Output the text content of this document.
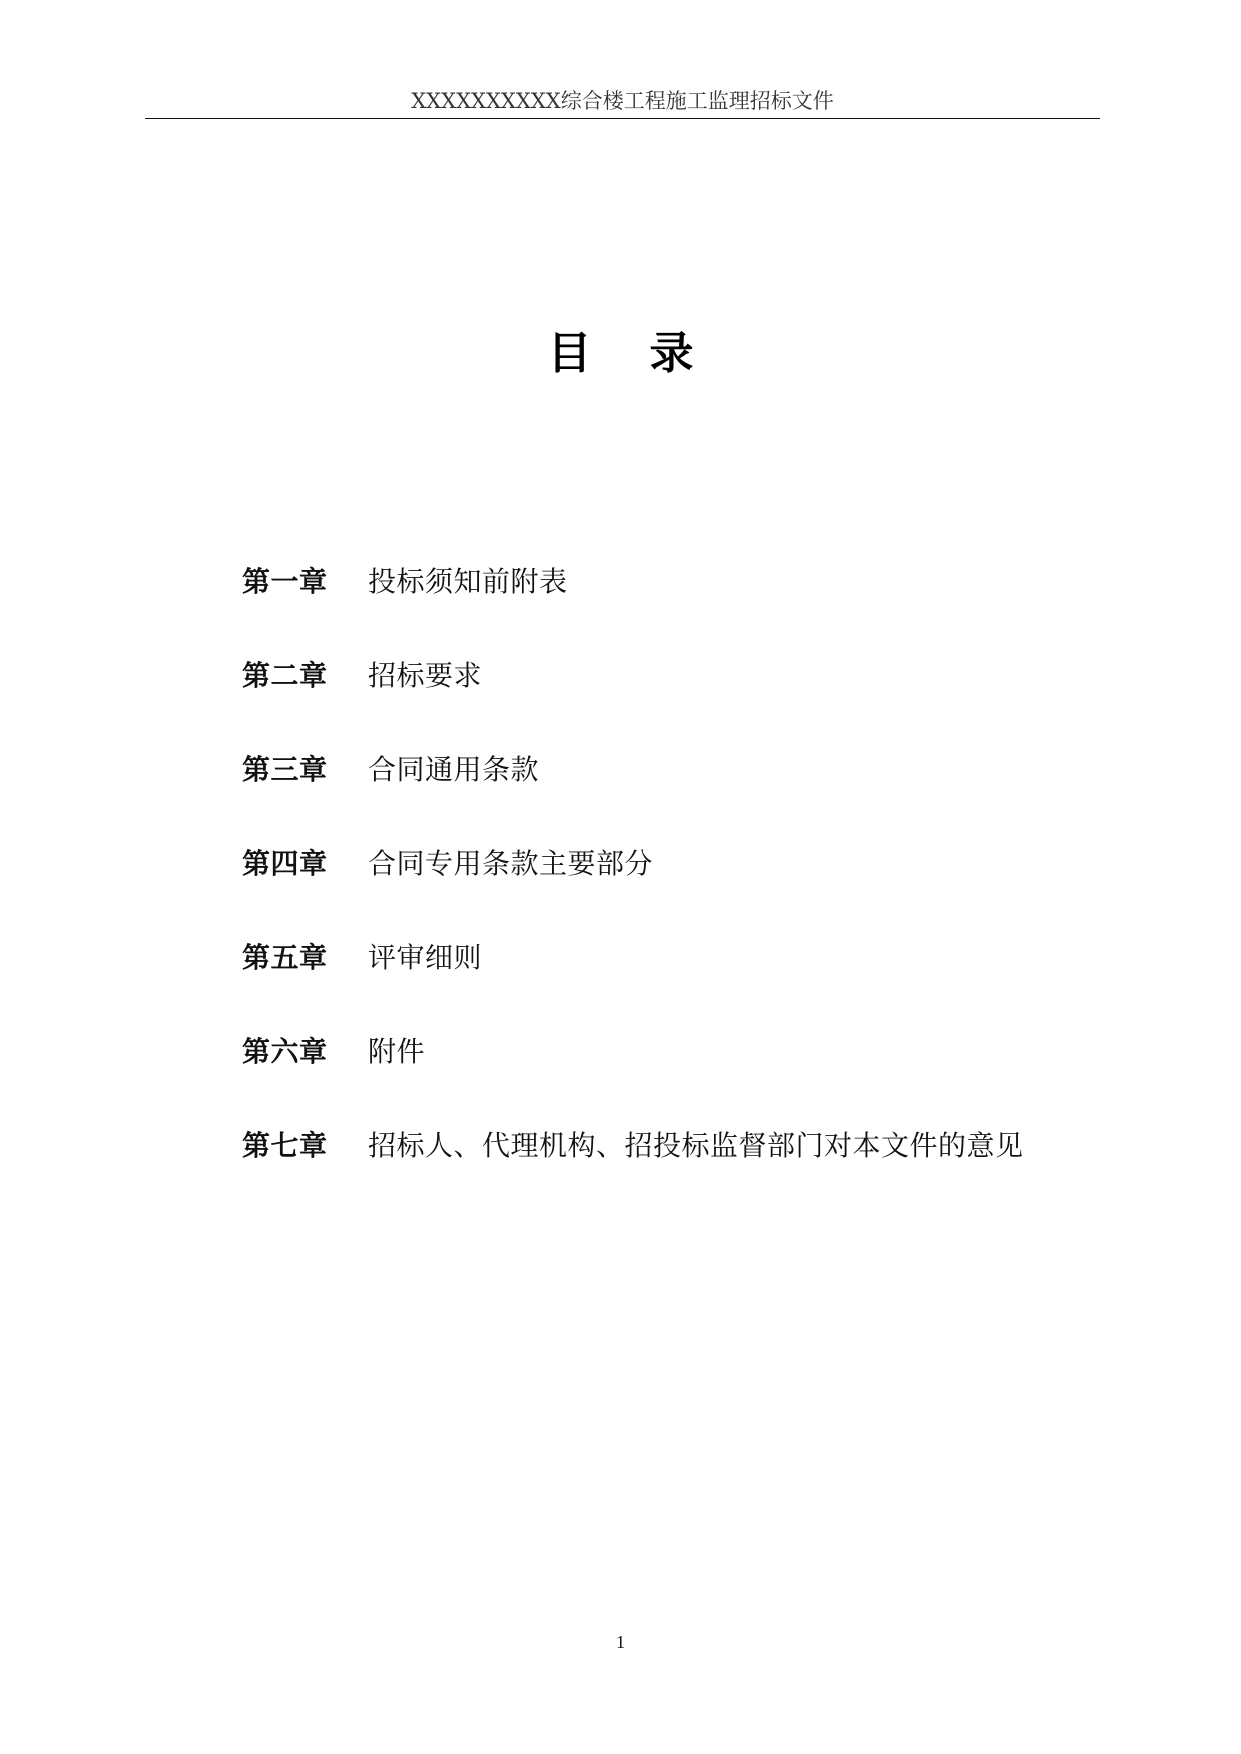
XXXXXXXXXX综合楼工程施工监理招标文件
目 录
第一章	投标须知前附表
第二章	招标要求
第三章	合同通用条款
第四章	合同专用条款主要部分
第五章	评审细则
第六章	附件
第七章	招标人、代理机构、招投标监督部门对本文件的意见
1
